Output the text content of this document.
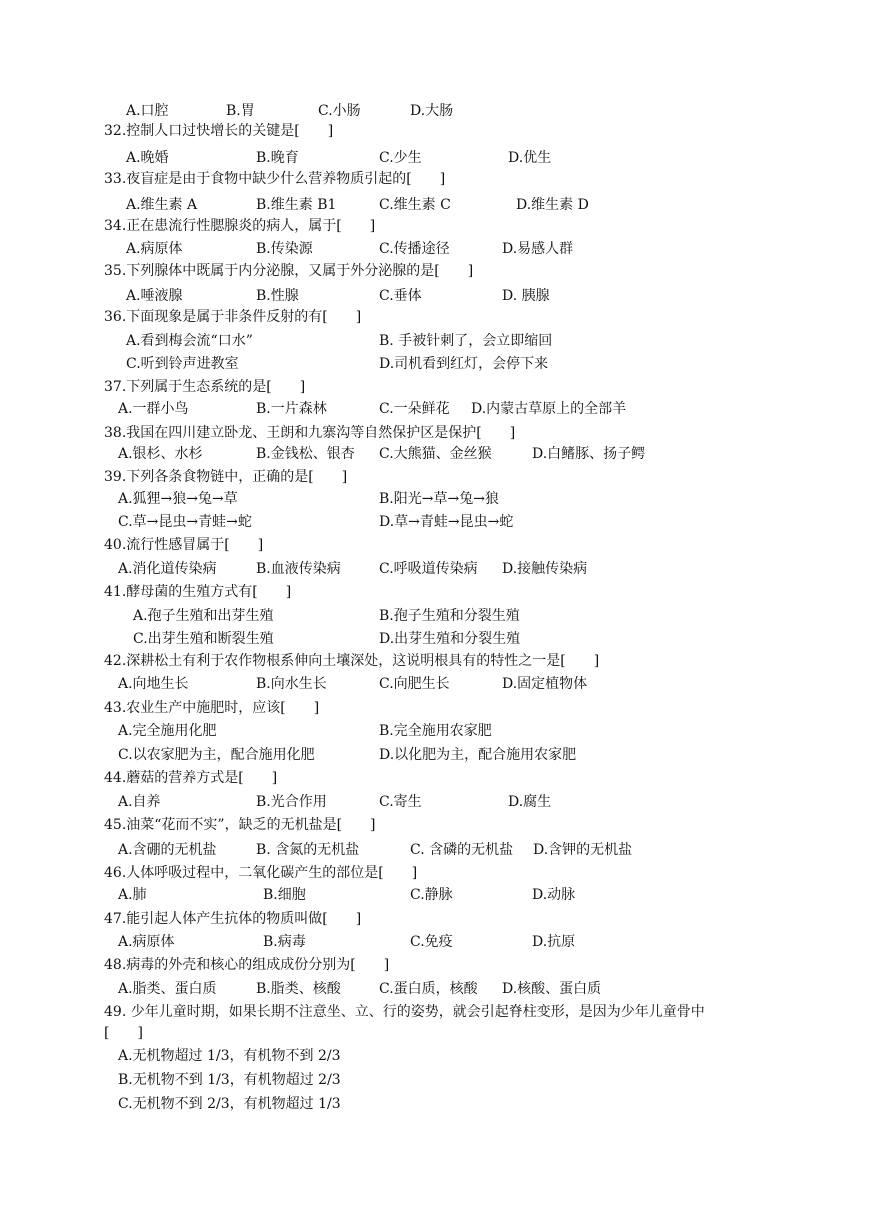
A.口腔	B.胃	C.小肠	D.大肠
32.控制人口过快增长的关键是[　　]
A.晚婚	B.晚育	C.少生	D.优生
33.夜盲症是由于食物中缺少什么营养物质引起的[　　]
A.维生素 A	B.维生素 B1	C.维生素 C	D.维生素 D
34.正在患流行性腮腺炎的病人，属于[　　]
A.病原体	B.传染源	C.传播途径	D.易感人群
35.下列腺体中既属于内分泌腺，又属于外分泌腺的是[　　]
A.唾液腺	B.性腺	C.垂体	D. 胰腺
36.下面现象是属于非条件反射的有[　　]
A.看到梅会流“口水”	B. 手被针刺了，会立即缩回
C.听到铃声进教室	D.司机看到红灯，会停下来
37.下列属于生态系统的是[　　]
A.一群小鸟	B.一片森林	C.一朵鲜花 D.内蒙古草原上的全部羊
38.我国在四川建立卧龙、王朗和九寨沟等自然保护区是保护[　　]
A.银杉、水杉	B.金钱松、银杏 C.大熊猫、金丝猴	D.白鳍豚、扬子鳄
39.下列各条食物链中，正确的是[　　]
A.狐狸→狼→兔→草	B.阳光→草→兔→狼
C.草→昆虫→青蛙→蛇	D.草→青蛙→昆虫→蛇
40.流行性感冒属于[　　]
A.消化道传染病	B.血液传染病	C.呼吸道传染病 D.接触传染病
41.酵母菌的生殖方式有[　　]
A.孢子生殖和出芽生殖	B.孢子生殖和分裂生殖
C.出芽生殖和断裂生殖	D.出芽生殖和分裂生殖
42.深耕松土有利于农作物根系伸向土壤深处，这说明根具有的特性之一是[　　]
A.向地生长	B.向水生长	C.向肥生长	D.固定植物体
43.农业生产中施肥时，应该[　　]
A.完全施用化肥	B.完全施用农家肥
C.以农家肥为主，配合施用化肥	D.以化肥为主，配合施用农家肥
44.蘑菇的营养方式是[　　]
A.自养	B.光合作用	C.寄生	D.腐生
45.油菜“花而不实”，缺乏的无机盐是[　　]
A.含硼的无机盐	B. 含氮的无机盐	C. 含磷的无机盐 D.含钾的无机盐
46.人体呼吸过程中，二氧化碳产生的部位是[　　]
A.肺	B.细胞	C.静脉	D.动脉
47.能引起人体产生抗体的物质叫做[　　]
A.病原体	B.病毒	C.免疫	D.抗原
48.病毒的外壳和核心的组成成份分别为[　　]
A.脂类、蛋白质	B.脂类、核酸	C.蛋白质，核酸 D.核酸、蛋白质
49. 少年儿童时期，如果长期不注意坐、立、行的姿势，就会引起脊柱变形，是因为少年儿童骨中
[　　]
A.无机物超过 1/3，有机物不到 2/3
B.无机物不到 1/3，有机物超过 2/3
C.无机物不到 2/3，有机物超过 1/3
